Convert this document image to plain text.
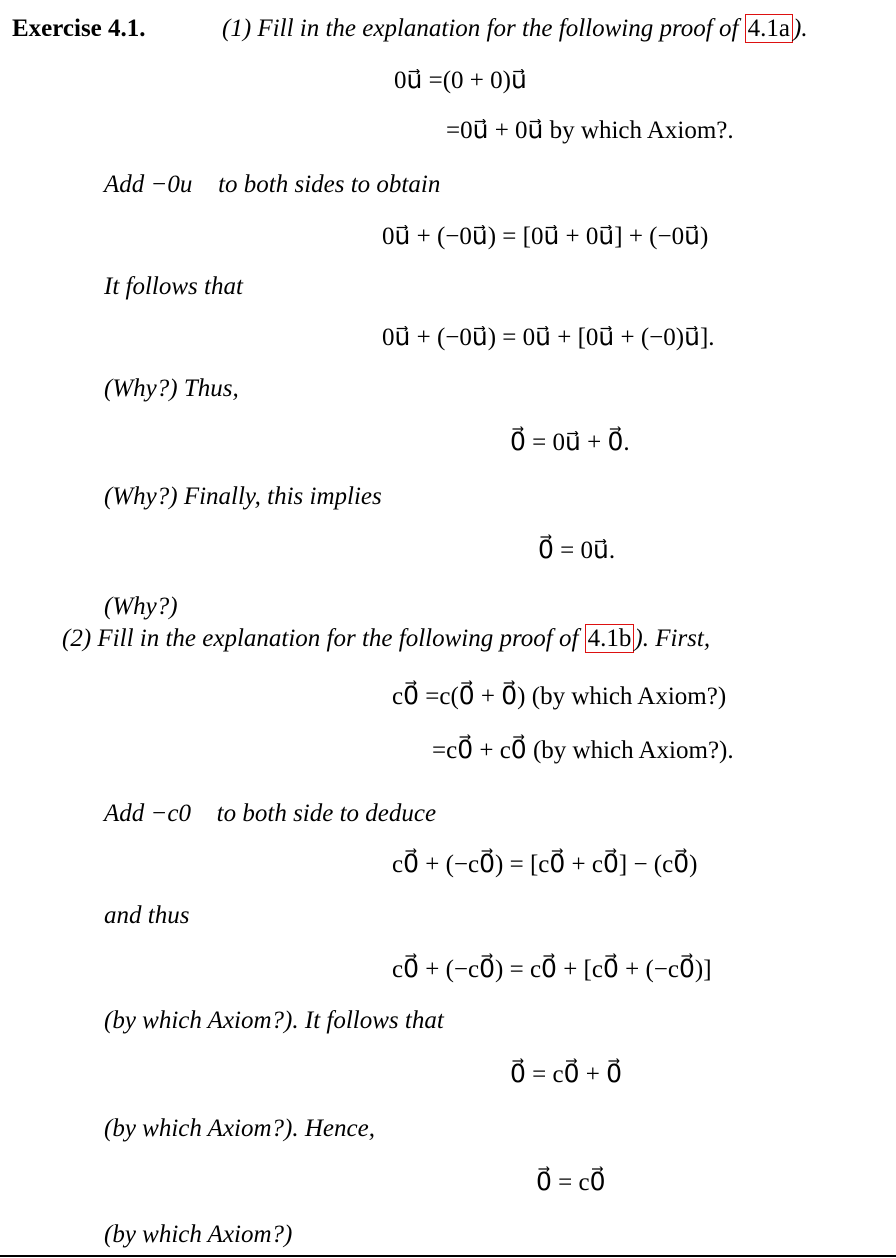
Exercise 4.1.	(1) Fill in the explanation for the following proof of 4.1a ).
0u⃗ =(0 + 0)u⃗
=0u⃗ + 0u⃗ by which Axiom?.
Add −0u⃗ to both sides to obtain
0u⃗ + (−0u⃗) = [0u⃗ + 0u⃗] + (−0u⃗)
It follows that
0u⃗ + (−0u⃗) = 0u⃗ + [0u⃗ + (−0)u⃗].
(Why?) Thus,
0⃗ = 0u⃗ + 0⃗.
(Why?) Finally, this implies
0⃗ = 0u⃗.
(Why?)
(2) Fill in the explanation for the following proof of 4.1b ). First,
c0⃗ =c(0⃗ + 0⃗) (by which Axiom?)
=c0⃗ + c0⃗ (by which Axiom?).
Add −c0⃗ to both side to deduce
c0⃗ + (−c0⃗) = [c0⃗ + c0⃗] − (c0⃗)
and thus
c0⃗ + (−c0⃗) = c0⃗ + [c0⃗ + (−c0⃗)]
(by which Axiom?). It follows that
0⃗ = c0⃗ + 0⃗
(by which Axiom?). Hence,
0⃗ = c0⃗
(by which Axiom?)
